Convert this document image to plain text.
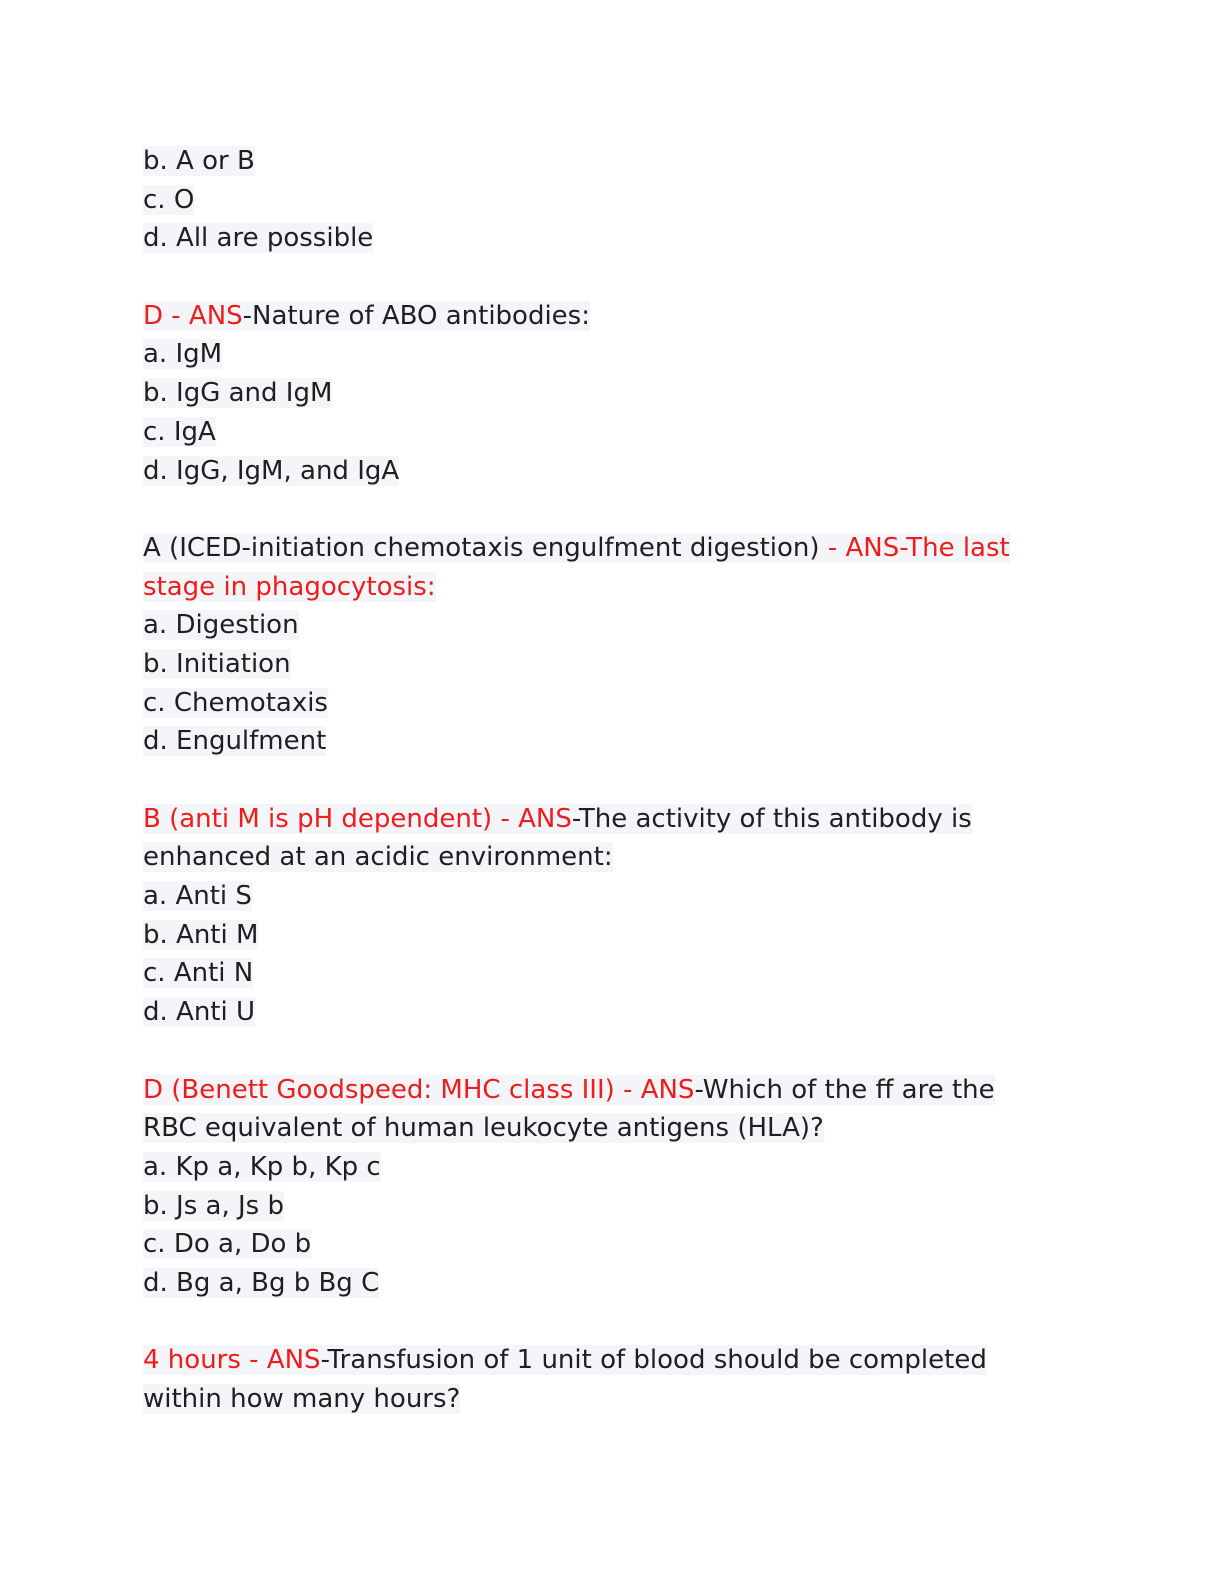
b. A or B
c. O
d. All are possible
D - ANS-Nature of ABO antibodies:
a. IgM
b. IgG and IgM
c. IgA
d. IgG, IgM, and IgA
A (ICED-initiation chemotaxis engulfment digestion) - ANS-The last
stage in phagocytosis:
a. Digestion
b. Initiation
c. Chemotaxis
d. Engulfment
B (anti M is pH dependent) - ANS-The activity of this antibody is
enhanced at an acidic environment:
a. Anti S
b. Anti M
c. Anti N
d. Anti U
D (Benett Goodspeed: MHC class III) - ANS-Which of the ff are the
RBC equivalent of human leukocyte antigens (HLA)?
a. Kp a, Kp b, Kp c
b. Js a, Js b
c. Do a, Do b
d. Bg a, Bg b Bg C
4 hours - ANS-Transfusion of 1 unit of blood should be completed
within how many hours?
